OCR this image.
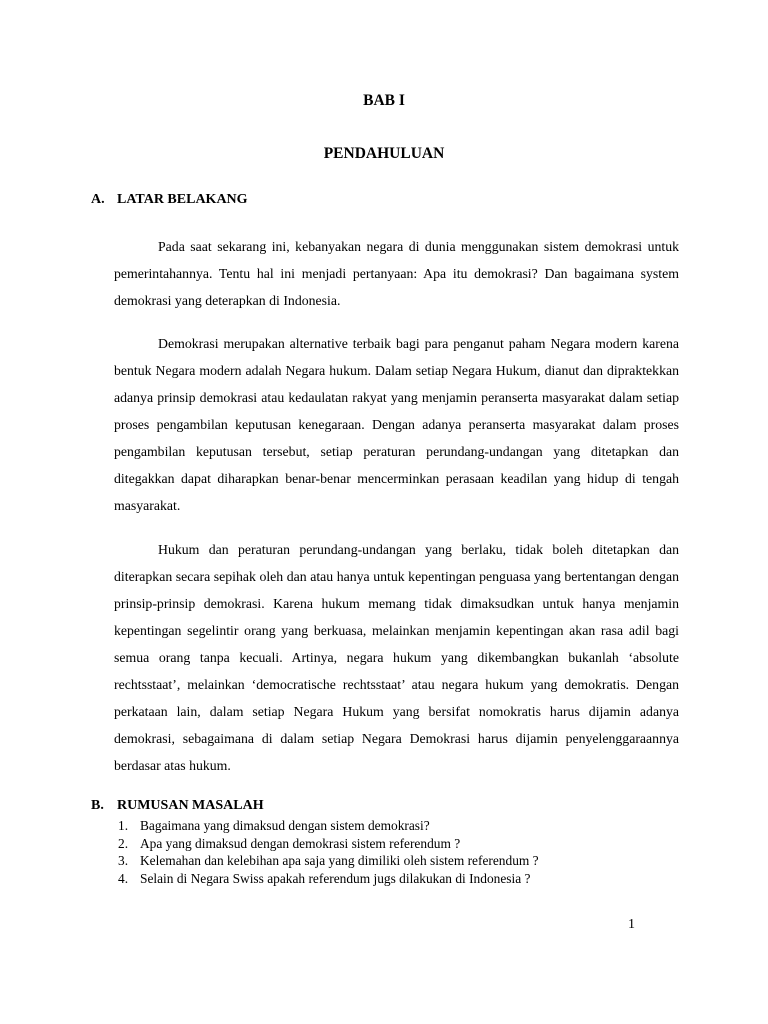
BAB I
PENDAHULUAN
A. LATAR BELAKANG

Pada saat sekarang ini, kebanyakan negara di dunia menggunakan sistem demokrasi untuk pemerintahannya. Tentu hal ini menjadi pertanyaan: Apa itu demokrasi? Dan bagaimana system demokrasi yang deterapkan di Indonesia.

Demokrasi merupakan alternative terbaik bagi para penganut paham Negara modern karena bentuk Negara modern adalah Negara hukum. Dalam setiap Negara Hukum, dianut dan dipraktekkan adanya prinsip demokrasi atau kedaulatan rakyat yang menjamin peranserta masyarakat dalam setiap proses pengambilan keputusan kenegaraan. Dengan adanya peranserta masyarakat dalam proses pengambilan keputusan tersebut, setiap peraturan perundang-undangan yang ditetapkan dan ditegakkan dapat diharapkan benar-benar mencerminkan perasaan keadilan yang hidup di tengah masyarakat.

Hukum dan peraturan perundang-undangan yang berlaku, tidak boleh ditetapkan dan diterapkan secara sepihak oleh dan atau hanya untuk kepentingan penguasa yang bertentangan dengan prinsip-prinsip demokrasi. Karena hukum memang tidak dimaksudkan untuk hanya menjamin kepentingan segelintir orang yang berkuasa, melainkan menjamin kepentingan akan rasa adil bagi semua orang tanpa kecuali. Artinya, negara hukum yang dikembangkan bukanlah ‘absolute rechtsstaat’, melainkan ‘democratische rechtsstaat’ atau negara hukum yang demokratis. Dengan perkataan lain, dalam setiap Negara Hukum yang bersifat nomokratis harus dijamin adanya demokrasi, sebagaimana di dalam setiap Negara Demokrasi harus dijamin penyelenggaraannya berdasar atas hukum.

B. RUMUSAN MASALAH
1. Bagaimana yang dimaksud dengan sistem demokrasi?
2. Apa yang dimaksud dengan demokrasi sistem referendum ?
3. Kelemahan dan kelebihan apa saja yang dimiliki oleh sistem referendum ?
4. Selain di Negara Swiss apakah referendum jugs dilakukan di Indonesia ?
1
